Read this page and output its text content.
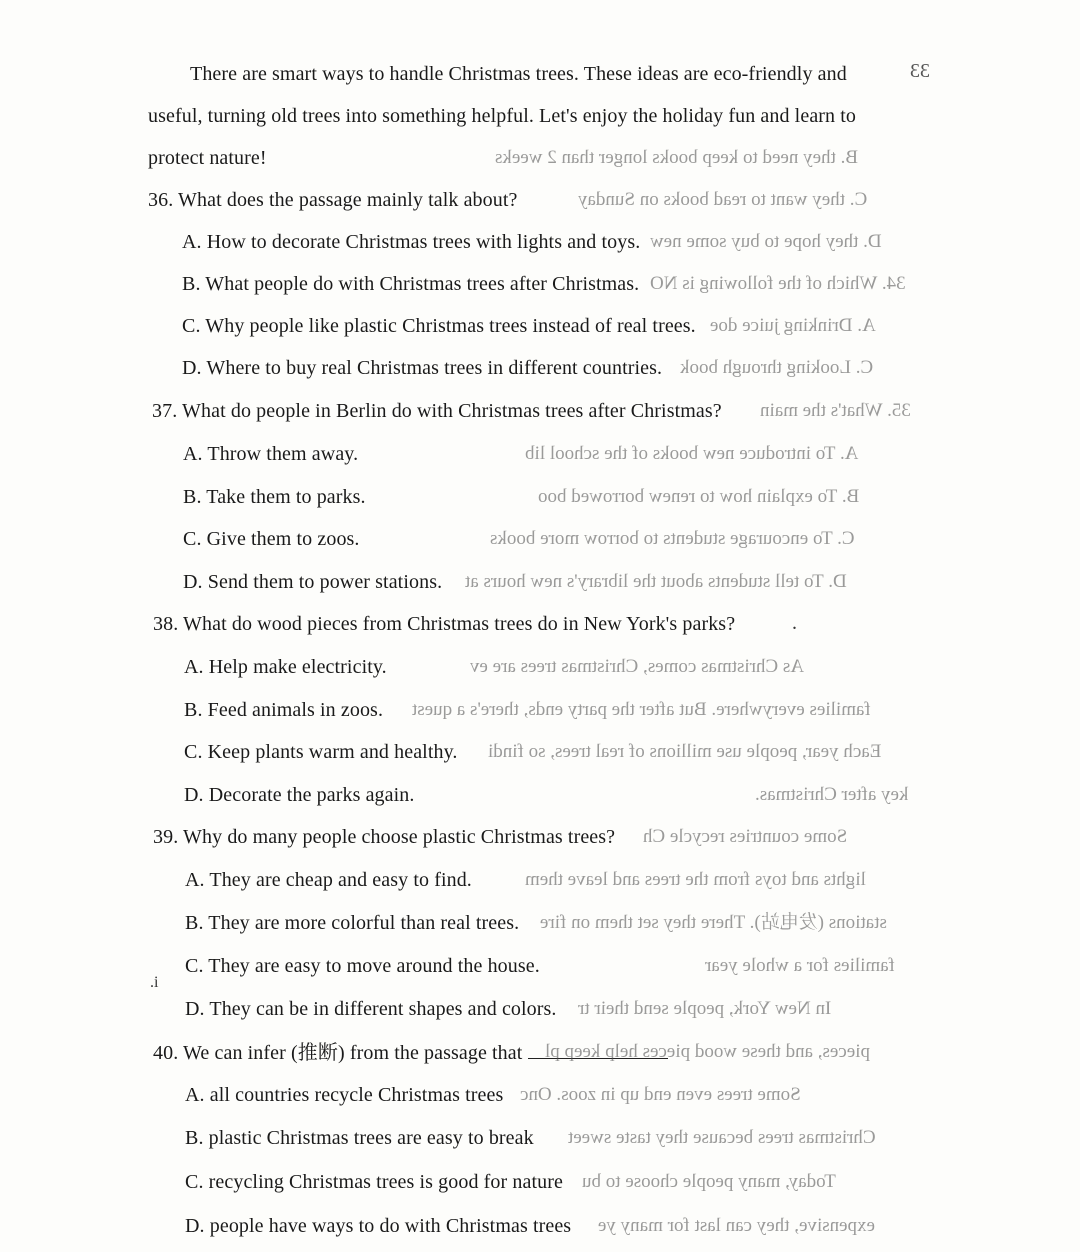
33
There are smart ways to handle Christmas trees. These ideas are eco-friendly and
useful, turning old trees into something helpful. Let's enjoy the holiday fun and learn to
protect nature!
36. What does the passage mainly talk about?
A. How to decorate Christmas trees with lights and toys.
B. What people do with Christmas trees after Christmas.
C. Why people like plastic Christmas trees instead of real trees.
D. Where to buy real Christmas trees in different countries.
37. What do people in Berlin do with Christmas trees after Christmas?
A. Throw them away.
B. Take them to parks.
C. Give them to zoos.
D. Send them to power stations.
38. What do wood pieces from Christmas trees do in New York's parks?	.
A. Help make electricity.
B. Feed animals in zoos.
C. Keep plants warm and healthy.
D. Decorate the parks again.
39. Why do many people choose plastic Christmas trees?
A. They are cheap and easy to find.
B. They are more colorful than real trees.
C. They are easy to move around the house.
.i
D. They can be in different shapes and colors.
40. We can infer (推断) from the passage that
A. all countries recycle Christmas trees
B. plastic Christmas trees are easy to break
C. recycling Christmas trees is good for nature
D. people have ways to do with Christmas trees
B. they need to keep books longer than 2 weeks
C. they want to read books on Sunday
D. they hope to buy some new
34. Which of the following is NO
A. Drinking juice doe
C. Looking through book
35. What's the main
A. To introduce new books of the school lib
B. To explain how to renew borrowed boo
C. To encourage students to borrow more books
D. To tell students about the library's new hours at
As Christmas comes, Christmas trees are ev
families everywhere. But after the party ends, there's a quest
Each year, people use millions of real trees, so findi
key after Christmas.
Some countries recycle Ch
lights and toys from the trees and leave them
stations (发电站). There they set them on fire
families for a whole year
In New York, people send their tr
pieces, and these wood pieces help keep pl
Some trees even end up in zoos. Onc
Christmas trees because they taste sweet
Today, many people choose to bu
expensive, they can last for many ye
